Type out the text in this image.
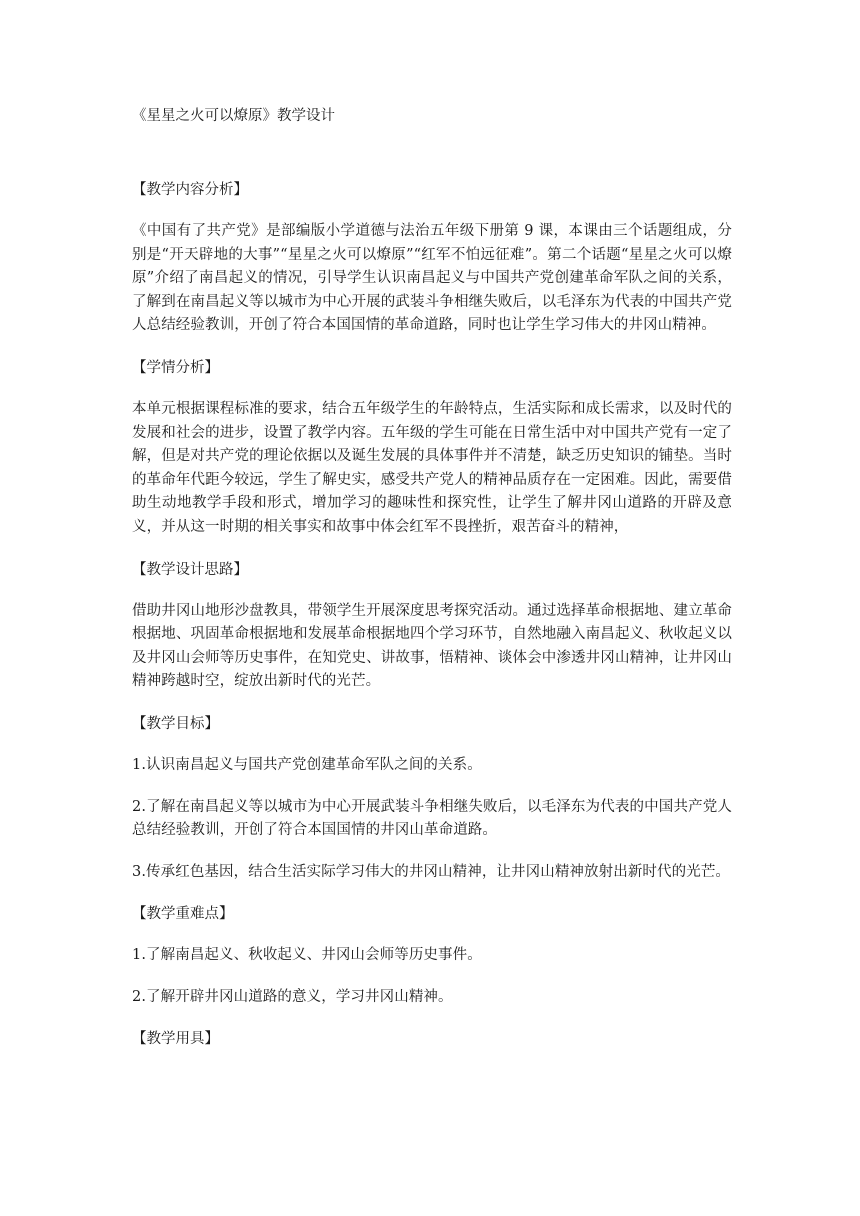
《星星之火可以燎原》教学设计
【教学内容分析】

《中国有了共产党》是部编版小学道德与法治五年级下册第 9 课，本课由三个话题组成，分别是“开天辟地的大事”“星星之火可以燎原”“红军不怕远征难”。第二个话题“星星之火可以燎原”介绍了南昌起义的情况，引导学生认识南昌起义与中国共产党创建革命军队之间的关系，了解到在南昌起义等以城市为中心开展的武装斗争相继失败后，以毛泽东为代表的中国共产党人总结经验教训，开创了符合本国国情的革命道路，同时也让学生学习伟大的井冈山精神。

【学情分析】

本单元根据课程标准的要求，结合五年级学生的年龄特点，生活实际和成长需求，以及时代的发展和社会的进步，设置了教学内容。五年级的学生可能在日常生活中对中国共产党有一定了解，但是对共产党的理论依据以及诞生发展的具体事件并不清楚，缺乏历史知识的铺垫。当时的革命年代距今较远，学生了解史实，感受共产党人的精神品质存在一定困难。因此，需要借助生动地教学手段和形式，增加学习的趣味性和探究性，让学生了解井冈山道路的开辟及意义，并从这一时期的相关事实和故事中体会红军不畏挫折，艰苦奋斗的精神，

【教学设计思路】

借助井冈山地形沙盘教具，带领学生开展深度思考探究活动。通过选择革命根据地、建立革命根据地、巩固革命根据地和发展革命根据地四个学习环节，自然地融入南昌起义、秋收起义以及井冈山会师等历史事件，在知党史、讲故事，悟精神、谈体会中渗透井冈山精神，让井冈山精神跨越时空，绽放出新时代的光芒。

【教学目标】

1.认识南昌起义与国共产党创建革命军队之间的关系。

2.了解在南昌起义等以城市为中心开展武装斗争相继失败后，以毛泽东为代表的中国共产党人总结经验教训，开创了符合本国国情的井冈山革命道路。

3.传承红色基因，结合生活实际学习伟大的井冈山精神，让井冈山精神放射出新时代的光芒。

【教学重难点】

1.了解南昌起义、秋收起义、井冈山会师等历史事件。

2.了解开辟井冈山道路的意义，学习井冈山精神。

【教学用具】
